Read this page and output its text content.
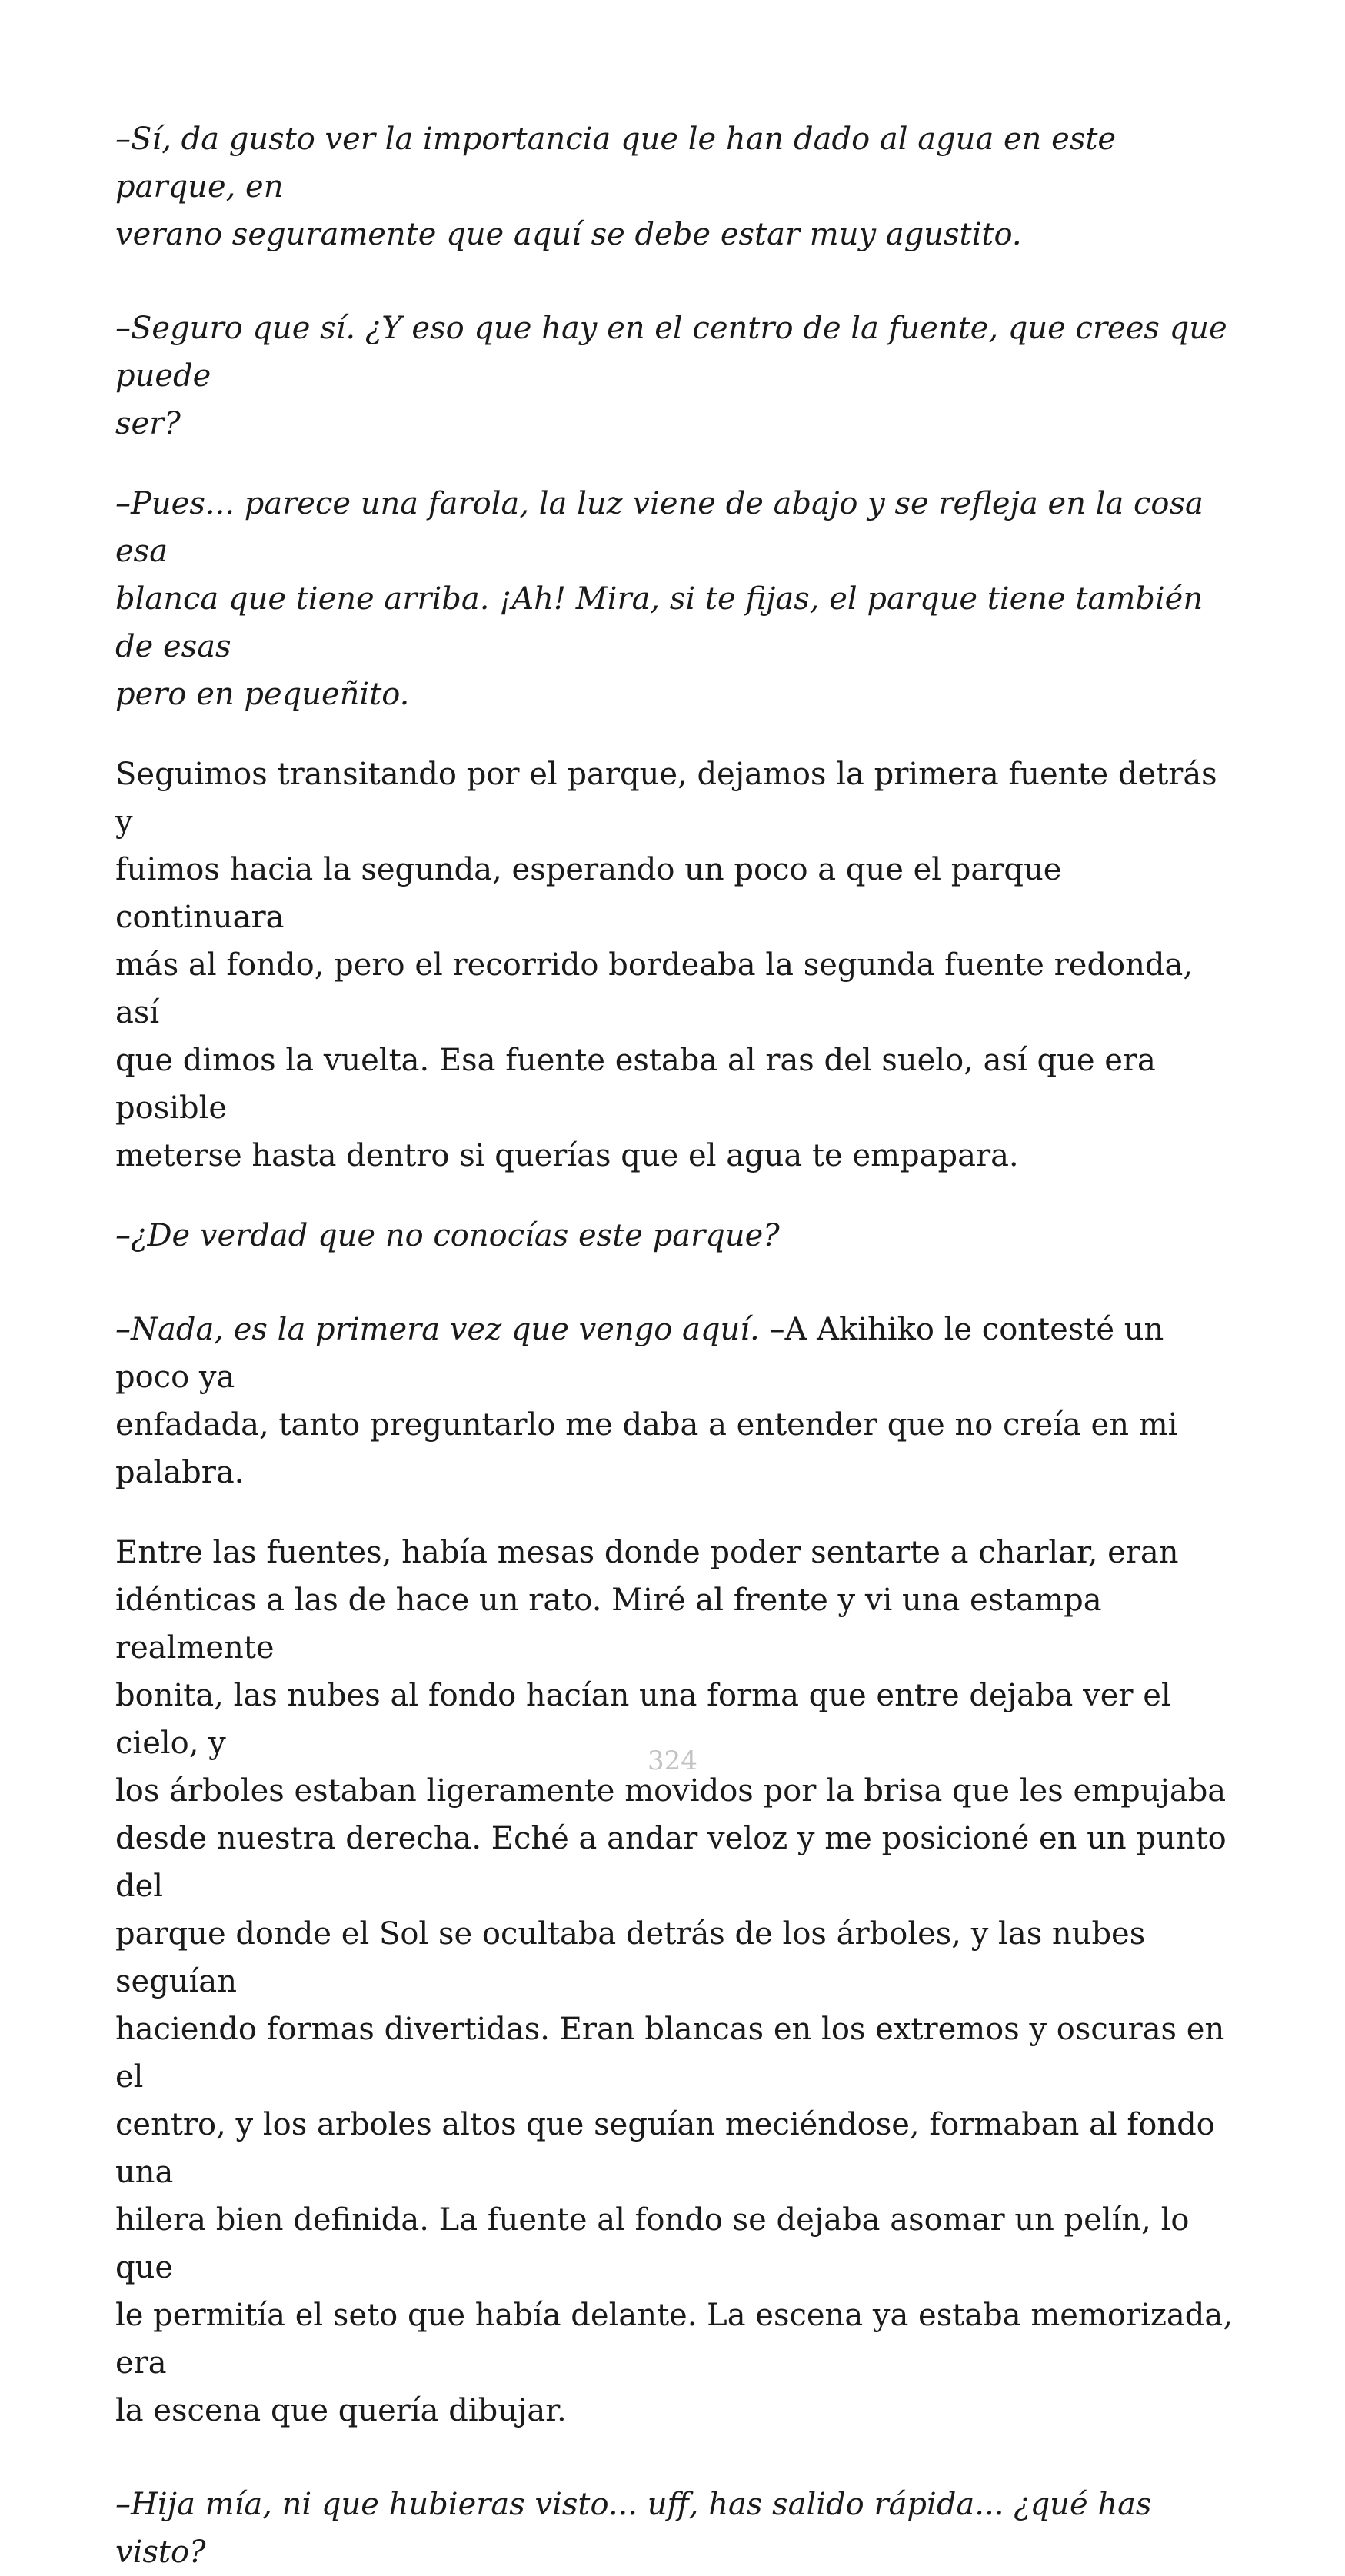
–Sí, da gusto ver la importancia que le han dado al agua en este parque, en
verano seguramente que aquí se debe estar muy agustito.

–Seguro que sí. ¿Y eso que hay en el centro de la fuente, que crees que puede
ser?

–Pues... parece una farola, la luz viene de abajo y se refleja en la cosa esa
blanca que tiene arriba. ¡Ah! Mira, si te fijas, el parque tiene también de esas
pero en pequeñito.

Seguimos transitando por el parque, dejamos la primera fuente detrás y
fuimos hacia la segunda, esperando un poco a que el parque continuara
más al fondo, pero el recorrido bordeaba la segunda fuente redonda, así
que dimos la vuelta. Esa fuente estaba al ras del suelo, así que era posible
meterse hasta dentro si querías que el agua te empapara.

–¿De verdad que no conocías este parque?

–Nada, es la primera vez que vengo aquí. –A Akihiko le contesté un poco ya
enfadada, tanto preguntarlo me daba a entender que no creía en mi
palabra.

Entre las fuentes, había mesas donde poder sentarte a charlar, eran
idénticas a las de hace un rato. Miré al frente y vi una estampa realmente
bonita, las nubes al fondo hacían una forma que entre dejaba ver el cielo, y
los árboles estaban ligeramente movidos por la brisa que les empujaba
desde nuestra derecha. Eché a andar veloz y me posicioné en un punto del
parque donde el Sol se ocultaba detrás de los árboles, y las nubes seguían
haciendo formas divertidas. Eran blancas en los extremos y oscuras en el
centro, y los arboles altos que seguían meciéndose, formaban al fondo una
hilera bien definida. La fuente al fondo se dejaba asomar un pelín, lo que
le permitía el seto que había delante. La escena ya estaba memorizada, era
la escena que quería dibujar.

–Hija mía, ni que hubieras visto... uff, has salido rápida... ¿qué has visto?

324
